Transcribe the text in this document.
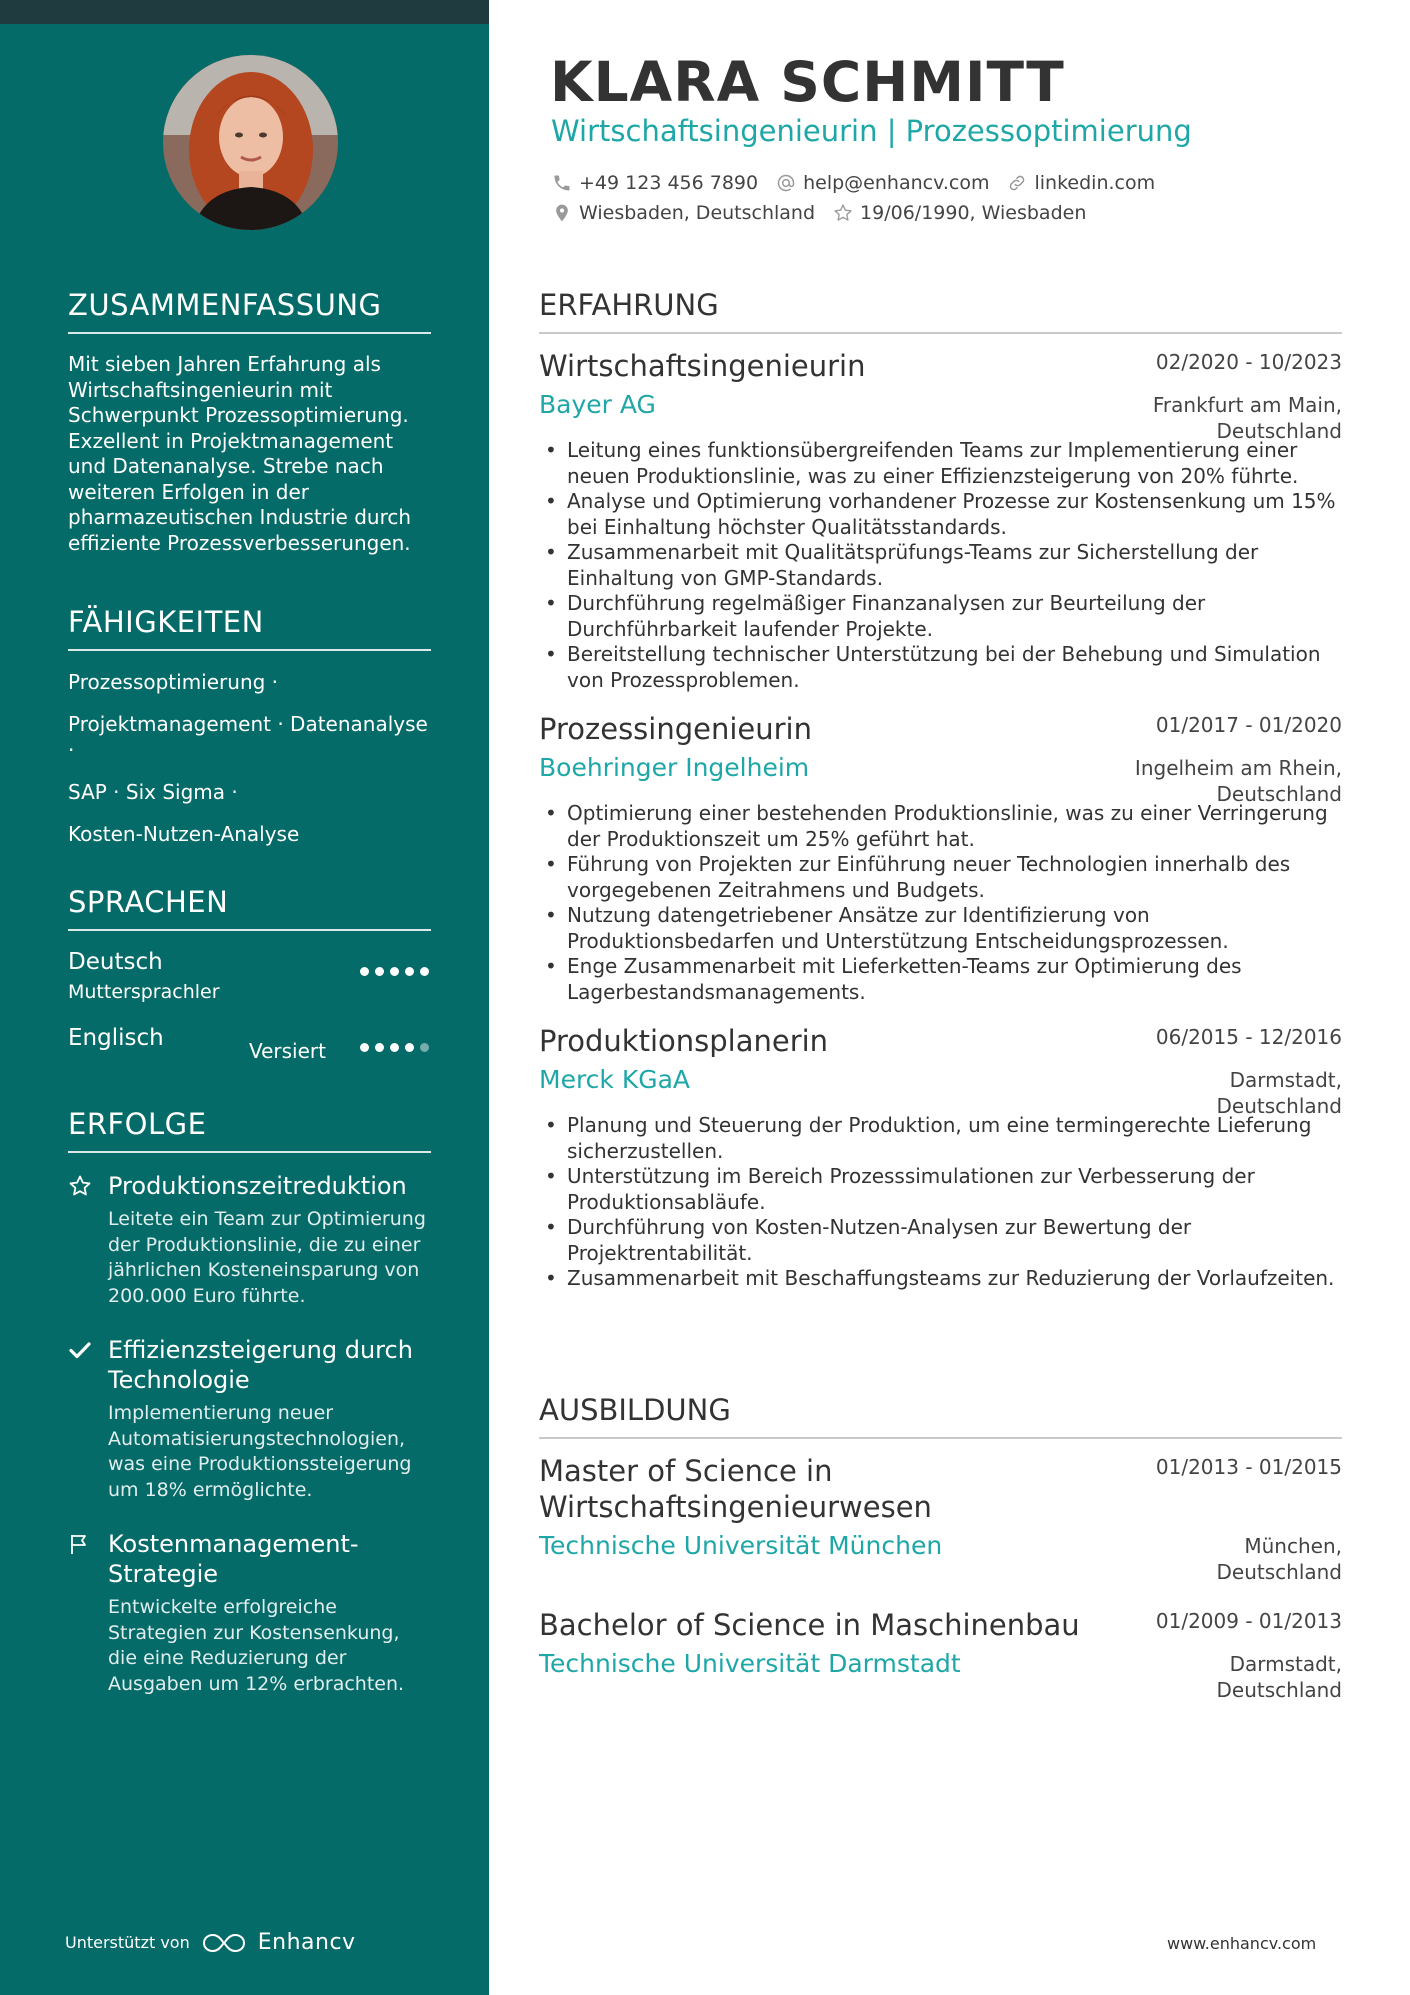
ZUSAMMENFASSUNG

Mit sieben Jahren Erfahrung als Wirtschaftsingenieurin mit Schwerpunkt Prozessoptimierung. Exzellent in Projektmanagement und Datenanalyse. Strebe nach weiteren Erfolgen in der pharmazeutischen Industrie durch effiziente Prozessverbesserungen.

FÄHIGKEITEN
Prozessoptimierung ·
Projektmanagement · Datenanalyse ·
SAP · Six Sigma ·
Kosten-Nutzen-Analyse
SPRACHEN
Deutsch
Muttersprachler
Englisch	Versiert
ERFOLGE
Produktionszeitreduktion
Leitete ein Team zur Optimierung der Produktionslinie, die zu einer jährlichen Kosteneinsparung von 200.000 Euro führte.
Effizienzsteigerung durch Technologie
Implementierung neuer Automatisierungstechnologien, was eine Produktionssteigerung um 18% ermöglichte.
Kostenmanagement-Strategie
Entwickelte erfolgreiche Strategien zur Kostensenkung, die eine Reduzierung der Ausgaben um 12% erbrachten.
Unterstützt von	Enhancv
KLARA SCHMITT
Wirtschaftsingenieurin | Prozessoptimierung
+49 123 456 7890 help@enhancv.com linkedin.com
Wiesbaden, Deutschland 19/06/1990, Wiesbaden
ERFAHRUNG
Wirtschaftsingenieurin	02/2020 - 10/2023
Bayer AG	Frankfurt am Main,
Deutschland
• Leitung eines funktionsübergreifenden Teams zur Implementierung einer neuen Produktionslinie, was zu einer Effizienzsteigerung von 20% führte.
• Analyse und Optimierung vorhandener Prozesse zur Kostensenkung um 15% bei Einhaltung höchster Qualitätsstandards.
• Zusammenarbeit mit Qualitätsprüfungs-Teams zur Sicherstellung der Einhaltung von GMP-Standards.
• Durchführung regelmäßiger Finanzanalysen zur Beurteilung der Durchführbarkeit laufender Projekte.
• Bereitstellung technischer Unterstützung bei der Behebung und Simulation von Prozessproblemen.
Prozessingenieurin	01/2017 - 01/2020
Boehringer Ingelheim	Ingelheim am Rhein,
Deutschland
• Optimierung einer bestehenden Produktionslinie, was zu einer Verringerung der Produktionszeit um 25% geführt hat.
• Führung von Projekten zur Einführung neuer Technologien innerhalb des vorgegebenen Zeitrahmens und Budgets.
• Nutzung datengetriebener Ansätze zur Identifizierung von Produktionsbedarfen und Unterstützung Entscheidungsprozessen.
• Enge Zusammenarbeit mit Lieferketten-Teams zur Optimierung des Lagerbestandsmanagements.
Produktionsplanerin	06/2015 - 12/2016
Merck KGaA	Darmstadt,
Deutschland
• Planung und Steuerung der Produktion, um eine termingerechte Lieferung sicherzustellen.
• Unterstützung im Bereich Prozesssimulationen zur Verbesserung der Produktionsabläufe.
• Durchführung von Kosten-Nutzen-Analysen zur Bewertung der Projektrentabilität.
• Zusammenarbeit mit Beschaffungsteams zur Reduzierung der Vorlaufzeiten.
AUSBILDUNG
Master of Science in Wirtschaftsingenieurwesen
01/2013 - 01/2015
Technische Universität München	München,
Deutschland
Bachelor of Science in Maschinenbau	01/2009 - 01/2013
Technische Universität Darmstadt	Darmstadt,
Deutschland
www.enhancv.com
